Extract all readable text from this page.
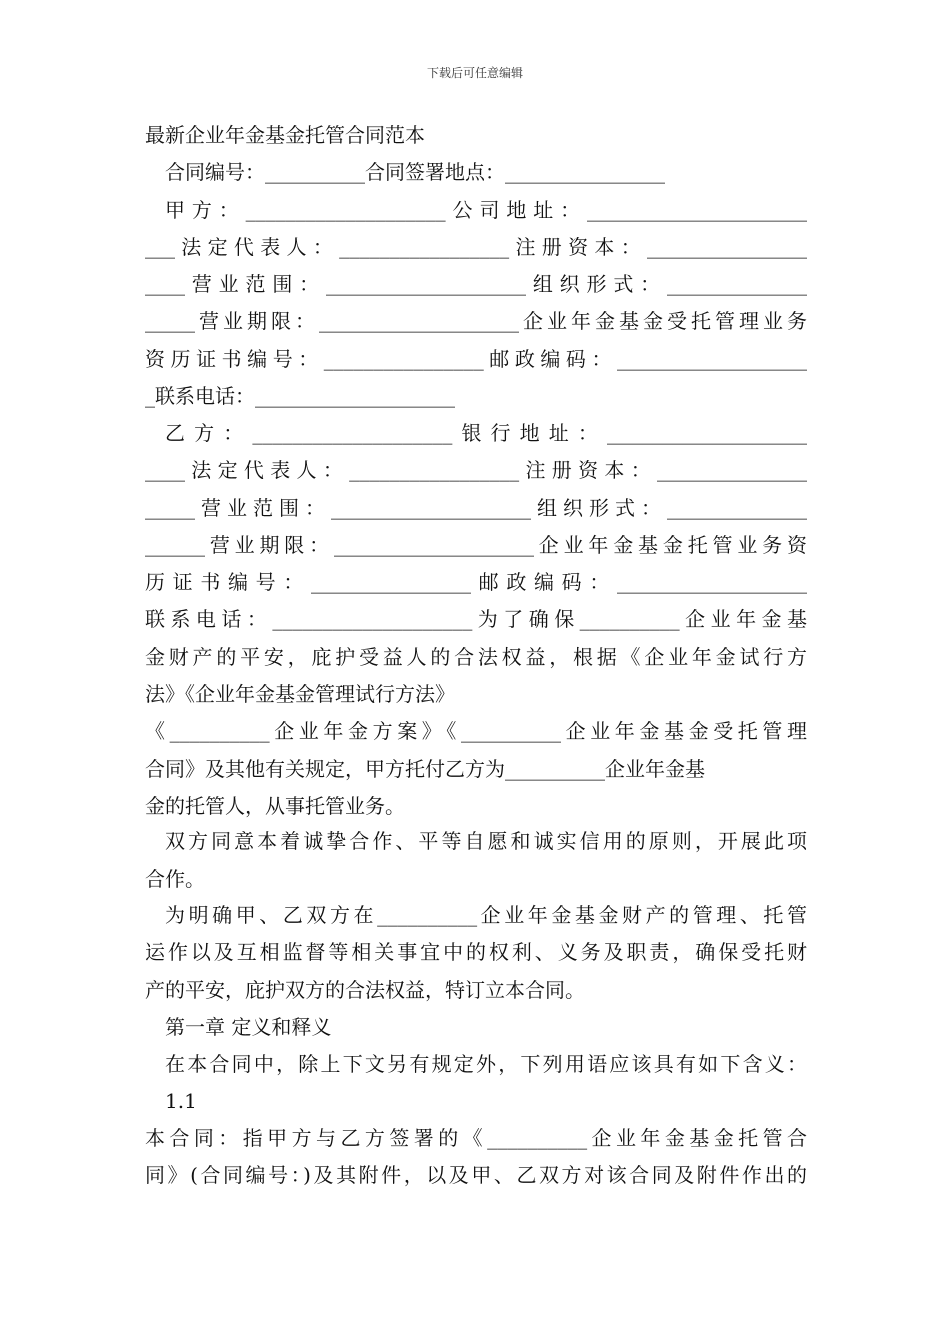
下载后可任意编辑
最新企业年金基金托管合同范本
合同编号：__________合同签署地点：________________
甲方：____________________公司地址：______________________
___法定代表人：_________________注册资本：________________
____营业范围：____________________组织形式：______________
_____营业期限：____________________企业年金基金受托管理业务
资历证书编号：________________邮政编码：___________________
_联系电话：____________________
乙方：____________________银行地址：____________________
____法定代表人：_________________注册资本：_______________
_____营业范围：____________________组织形式：______________
______营业期限：____________________企业年金基金托管业务资
历证书编号：________________邮政编码：___________________
联系电话：____________________为了确保__________企业年金基
金财产的平安，庇护受益人的合法权益，根据《企业年金试行方
法》《企业年金基金管理试行方法》
《__________企业年金方案》《__________企业年金基金受托管理
合同》及其他有关规定，甲方托付乙方为__________企业年金基
金的托管人，从事托管业务。
双方同意本着诚挚合作、平等自愿和诚实信用的原则，开展此项
合作。
为明确甲、乙双方在__________企业年金基金财产的管理、托管
运作以及互相监督等相关事宜中的权利、义务及职责，确保受托财
产的平安，庇护双方的合法权益，特订立本合同。
第一章 定义和释义
在本合同中，除上下文另有规定外，下列用语应该具有如下含义：
1.1
本合同：指甲方与乙方签署的《__________企业年金基金托管合
同》(合同编号：)及其附件，以及甲、乙双方对该合同及附件作出的
